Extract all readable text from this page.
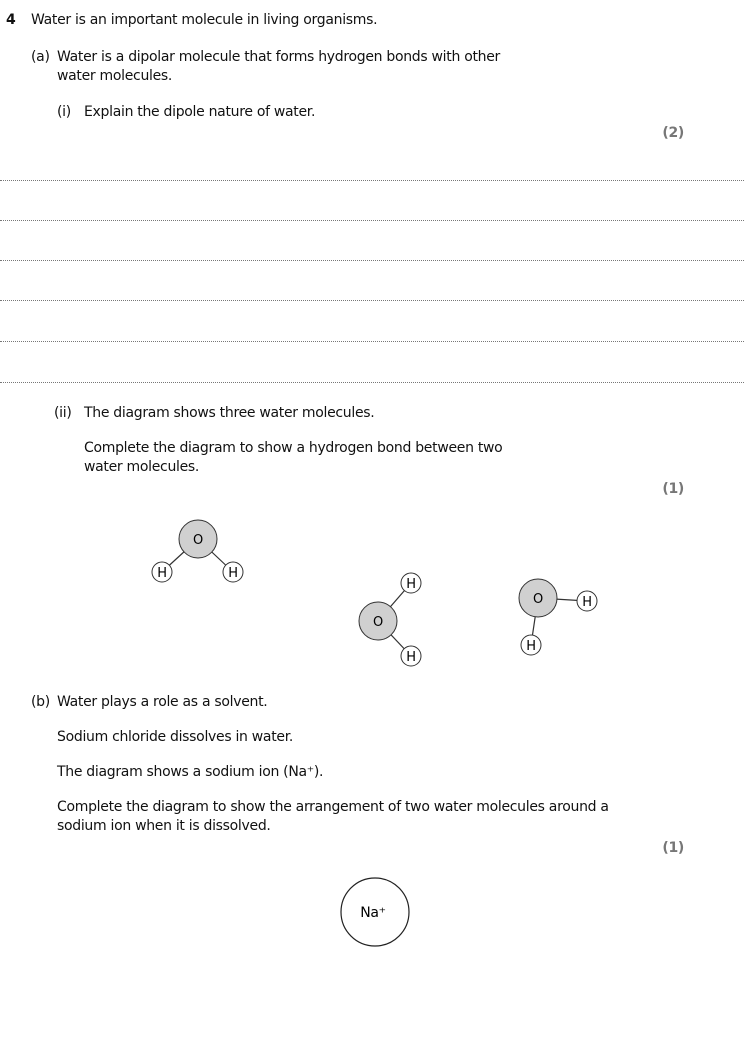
4 Water is an important molecule in living organisms.
(a) Water is a dipolar molecule that forms hydrogen bonds with other
water molecules.
(i) Explain the dipole nature of water.
(2)
(ii) The diagram shows three water molecules.
Complete the diagram to show a hydrogen bond between two
water molecules.
(1)
O
H	H
O
H
H
O	H
H
Na⁺
(b) Water plays a role as a solvent.
Sodium chloride dissolves in water.
The diagram shows a sodium ion (Na⁺).
Complete the diagram to show the arrangement of two water molecules around a
sodium ion when it is dissolved.
(1)
